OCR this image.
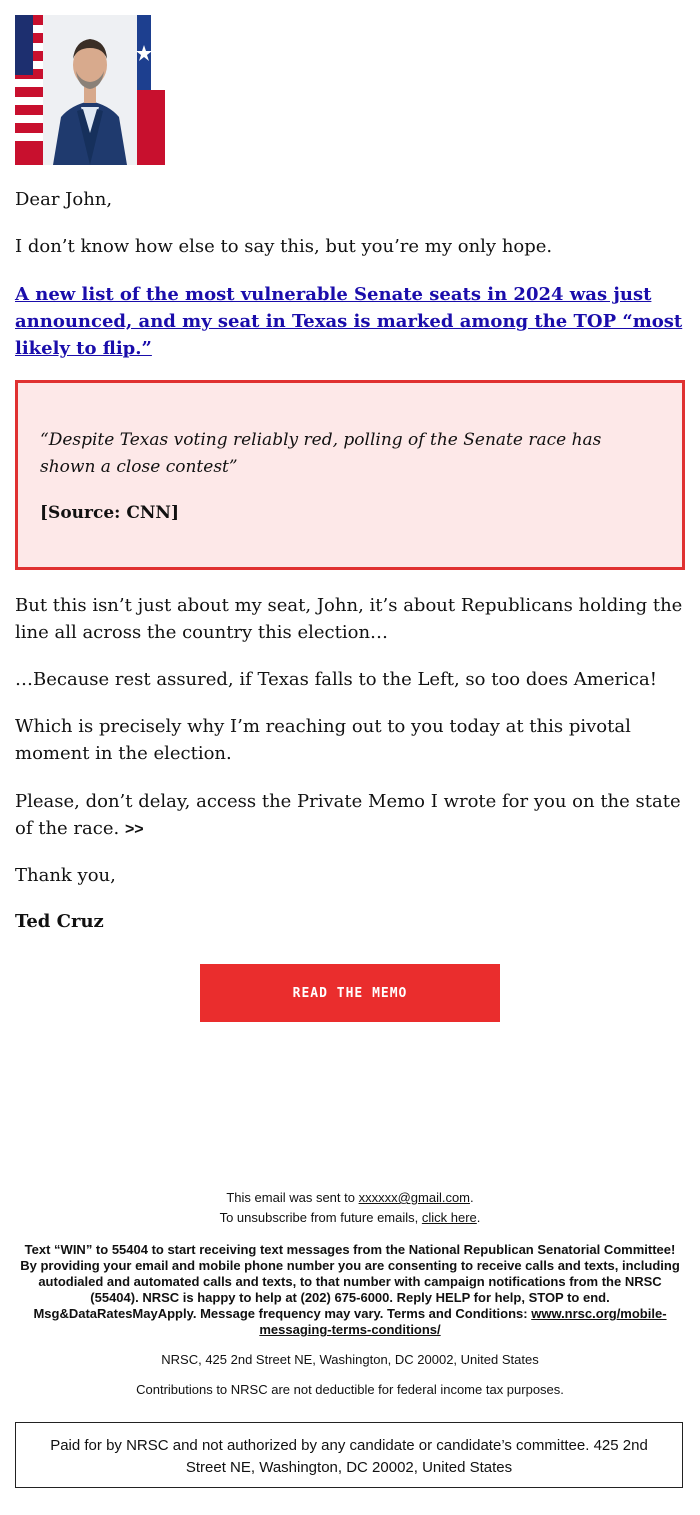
Dear John,

I don’t know how else to say this, but you’re my only hope.

A new list of the most vulnerable Senate seats in 2024 was just announced, and my seat in Texas is marked among the TOP “most likely to flip.”

“Despite Texas voting reliably red, polling of the Senate race has shown a close contest”

[Source: CNN]

But this isn’t just about my seat, John, it’s about Republicans holding the line all across the country this election…

…Because rest assured, if Texas falls to the Left, so too does America!

Which is precisely why I’m reaching out to you today at this pivotal moment in the election.

Please, don’t delay, access the Private Memo I wrote for you on the state of the race. >>

Thank you,

Ted Cruz

READ THE MEMO

This email was sent to xxxxxx@gmail.com.

To unsubscribe from future emails, click here.

Text “WIN” to 55404 to start receiving text messages from the National Republican Senatorial Committee! By providing your email and mobile phone number you are consenting to receive calls and texts, including autodialed and automated calls and texts, to that number with campaign notifications from the NRSC (55404). NRSC is happy to help at (202) 675-6000. Reply HELP for help, STOP to end. Msg&DataRatesMayApply. Message frequency may vary. Terms and Conditions: www.nrsc.org/mobile-messaging-terms-conditions/

NRSC, 425 2nd Street NE, Washington, DC 20002, United States

Contributions to NRSC are not deductible for federal income tax purposes.

Paid for by NRSC and not authorized by any candidate or candidate’s committee. 425 2nd Street NE, Washington, DC 20002, United States
